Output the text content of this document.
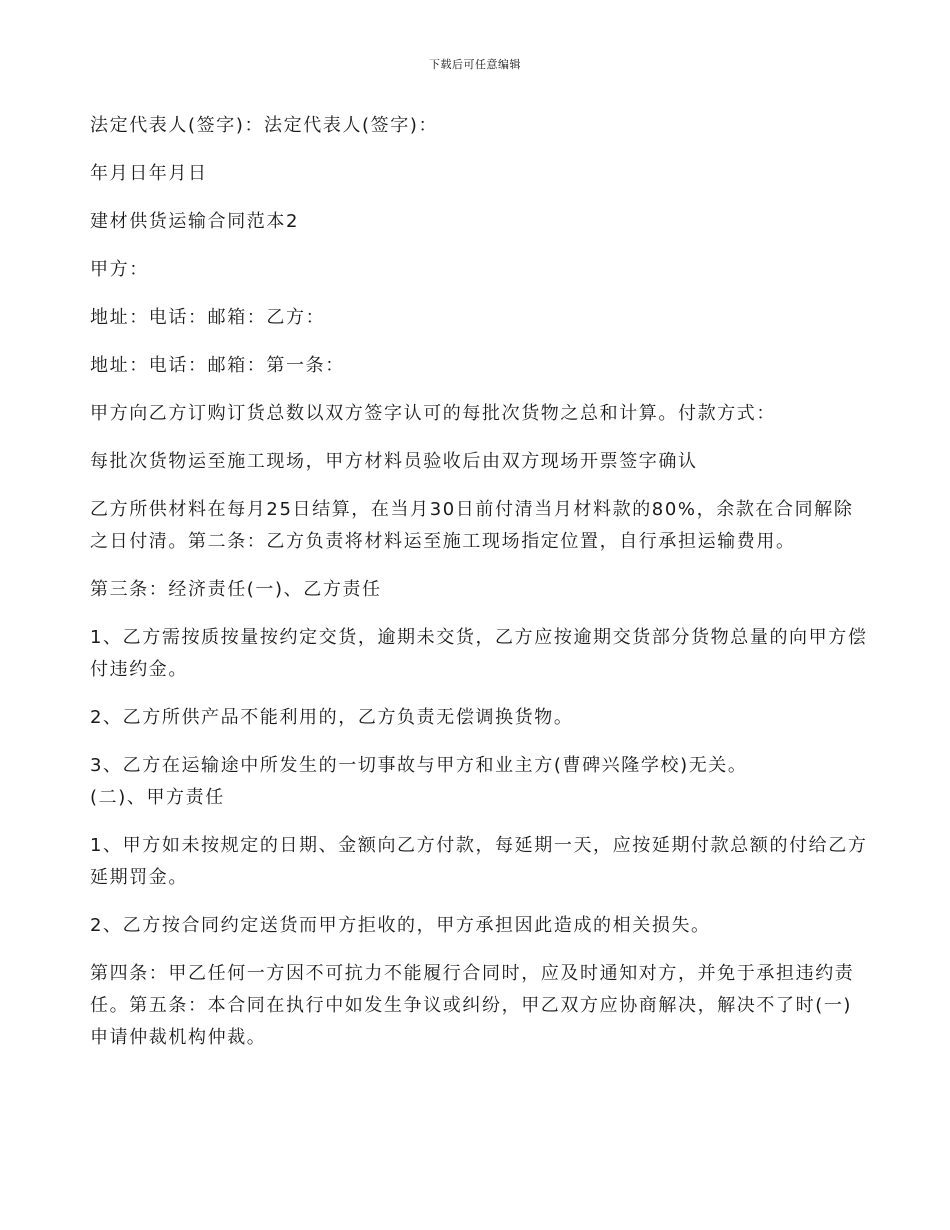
下载后可任意编辑

法定代表人(签字)：法定代表人(签字)：

年月日年月日

建材供货运输合同范本2

甲方：

地址：电话：邮箱：乙方：

地址：电话：邮箱：第一条：

甲方向乙方订购订货总数以双方签字认可的每批次货物之总和计算。付款方式：

每批次货物运至施工现场，甲方材料员验收后由双方现场开票签字确认

乙方所供材料在每月25日结算，在当月30日前付清当月材料款的80%，余款在合同解除之日付清。第二条：乙方负责将材料运至施工现场指定位置，自行承担运输费用。

第三条：经济责任(一)、乙方责任

1、乙方需按质按量按约定交货，逾期未交货，乙方应按逾期交货部分货物总量的向甲方偿付违约金。

2、乙方所供产品不能利用的，乙方负责无偿调换货物。

3、乙方在运输途中所发生的一切事故与甲方和业主方(曹碑兴隆学校)无关。

(二)、甲方责任

1、甲方如未按规定的日期、金额向乙方付款，每延期一天，应按延期付款总额的付给乙方延期罚金。

2、乙方按合同约定送货而甲方拒收的，甲方承担因此造成的相关损失。

第四条：甲乙任何一方因不可抗力不能履行合同时，应及时通知对方，并免于承担违约责任。第五条：本合同在执行中如发生争议或纠纷，甲乙双方应协商解决，解决不了时(一)申请仲裁机构仲裁。
